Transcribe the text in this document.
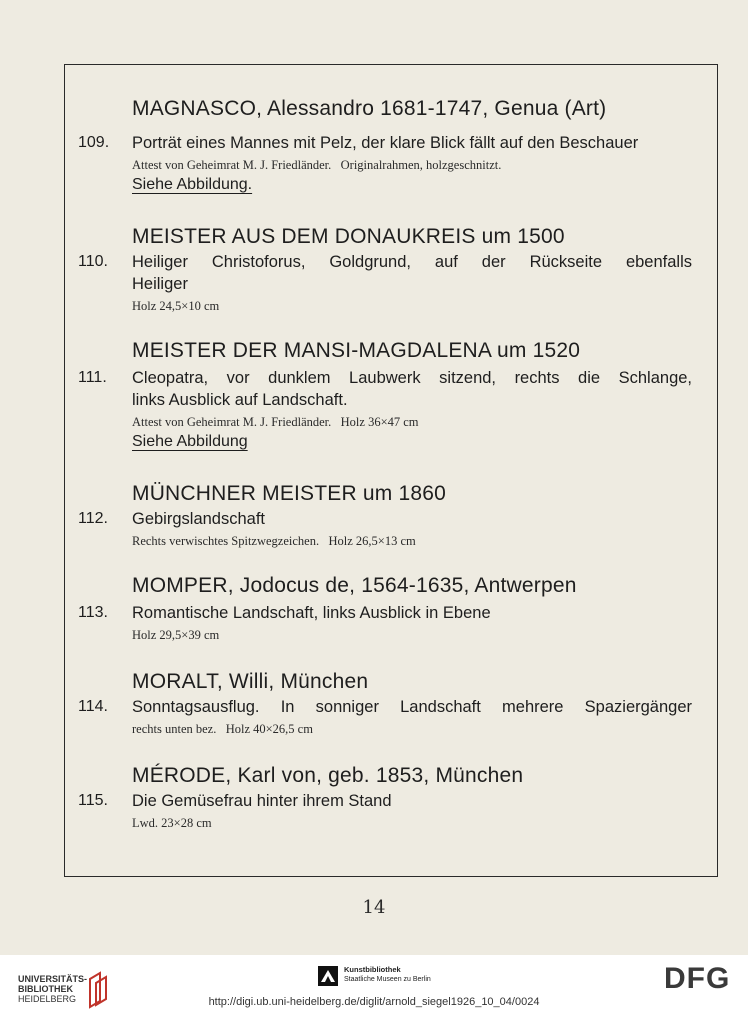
MAGNASCO, Alessandro 1681-1747, Genua (Art)
109.	Porträt eines Mannes mit Pelz, der klare Blick fällt auf den Beschauer
Attest von Geheimrat M. J. Friedländer.   Originalrahmen, holzgeschnitzt.
Siehe Abbildung.
MEISTER AUS DEM DONAUKREIS um 1500
110.	Heiliger Christoforus, Goldgrund, auf der Rückseite ebenfalls
Heiliger
Holz 24,5×10 cm
MEISTER DER MANSI-MAGDALENA um 1520
111.	Cleopatra, vor dunklem Laubwerk sitzend, rechts die Schlange,
links Ausblick auf Landschaft.
Attest von Geheimrat M. J. Friedländer.   Holz 36×47 cm
Siehe Abbildung
MÜNCHNER MEISTER um 1860
112.	Gebirgslandschaft
Rechts verwischtes Spitzwegzeichen.   Holz 26,5×13 cm
MOMPER, Jodocus de, 1564-1635, Antwerpen
113.	Romantische Landschaft, links Ausblick in Ebene
Holz 29,5×39 cm
MORALT, Willi, München
114.	Sonntagsausflug. In sonniger Landschaft mehrere Spaziergänger
rechts unten bez.   Holz 40×26,5 cm
MÉRODE, Karl von, geb. 1853, München
115.	Die Gemüsefrau hinter ihrem Stand
Lwd. 23×28 cm
14
UNIVERSITÄTS-
BIBLIOTHEK
HEIDELBERG
Kunstbibliothek
Staatliche Museen zu Berlin	DFG
http://digi.ub.uni-heidelberg.de/diglit/arnold_siegel1926_10_04/0024
